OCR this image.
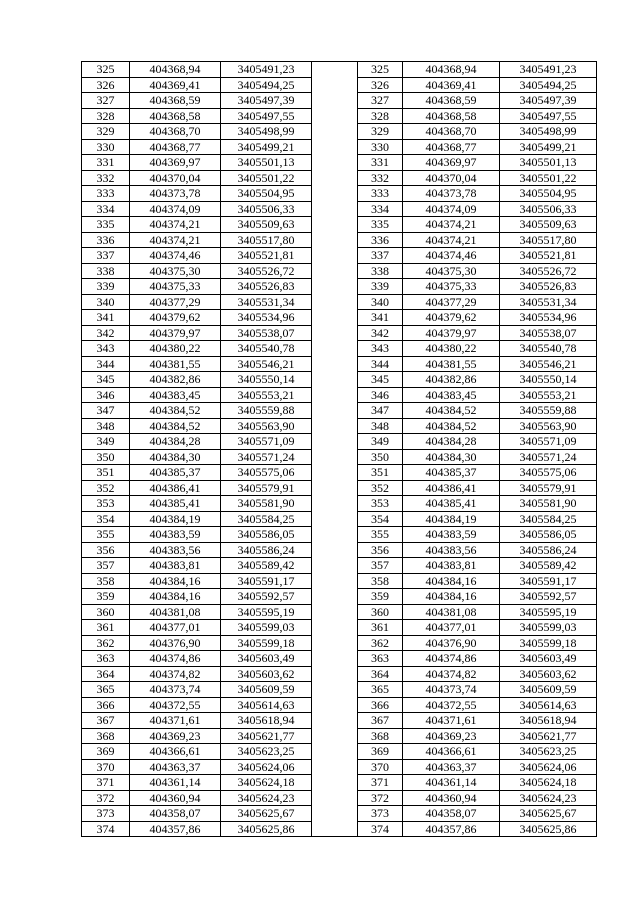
325	404368,94	3405491,23		325	404368,94	3405491,23
326	404369,41	3405494,25		326	404369,41	3405494,25
327	404368,59	3405497,39		327	404368,59	3405497,39
328	404368,58	3405497,55		328	404368,58	3405497,55
329	404368,70	3405498,99		329	404368,70	3405498,99
330	404368,77	3405499,21		330	404368,77	3405499,21
331	404369,97	3405501,13		331	404369,97	3405501,13
332	404370,04	3405501,22		332	404370,04	3405501,22
333	404373,78	3405504,95		333	404373,78	3405504,95
334	404374,09	3405506,33		334	404374,09	3405506,33
335	404374,21	3405509,63		335	404374,21	3405509,63
336	404374,21	3405517,80		336	404374,21	3405517,80
337	404374,46	3405521,81		337	404374,46	3405521,81
338	404375,30	3405526,72		338	404375,30	3405526,72
339	404375,33	3405526,83		339	404375,33	3405526,83
340	404377,29	3405531,34		340	404377,29	3405531,34
341	404379,62	3405534,96		341	404379,62	3405534,96
342	404379,97	3405538,07		342	404379,97	3405538,07
343	404380,22	3405540,78		343	404380,22	3405540,78
344	404381,55	3405546,21		344	404381,55	3405546,21
345	404382,86	3405550,14		345	404382,86	3405550,14
346	404383,45	3405553,21		346	404383,45	3405553,21
347	404384,52	3405559,88		347	404384,52	3405559,88
348	404384,52	3405563,90		348	404384,52	3405563,90
349	404384,28	3405571,09		349	404384,28	3405571,09
350	404384,30	3405571,24		350	404384,30	3405571,24
351	404385,37	3405575,06		351	404385,37	3405575,06
352	404386,41	3405579,91		352	404386,41	3405579,91
353	404385,41	3405581,90		353	404385,41	3405581,90
354	404384,19	3405584,25		354	404384,19	3405584,25
355	404383,59	3405586,05		355	404383,59	3405586,05
356	404383,56	3405586,24		356	404383,56	3405586,24
357	404383,81	3405589,42		357	404383,81	3405589,42
358	404384,16	3405591,17		358	404384,16	3405591,17
359	404384,16	3405592,57		359	404384,16	3405592,57
360	404381,08	3405595,19		360	404381,08	3405595,19
361	404377,01	3405599,03		361	404377,01	3405599,03
362	404376,90	3405599,18		362	404376,90	3405599,18
363	404374,86	3405603,49		363	404374,86	3405603,49
364	404374,82	3405603,62		364	404374,82	3405603,62
365	404373,74	3405609,59		365	404373,74	3405609,59
366	404372,55	3405614,63		366	404372,55	3405614,63
367	404371,61	3405618,94		367	404371,61	3405618,94
368	404369,23	3405621,77		368	404369,23	3405621,77
369	404366,61	3405623,25		369	404366,61	3405623,25
370	404363,37	3405624,06		370	404363,37	3405624,06
371	404361,14	3405624,18		371	404361,14	3405624,18
372	404360,94	3405624,23		372	404360,94	3405624,23
373	404358,07	3405625,67		373	404358,07	3405625,67
374	404357,86	3405625,86		374	404357,86	3405625,86
